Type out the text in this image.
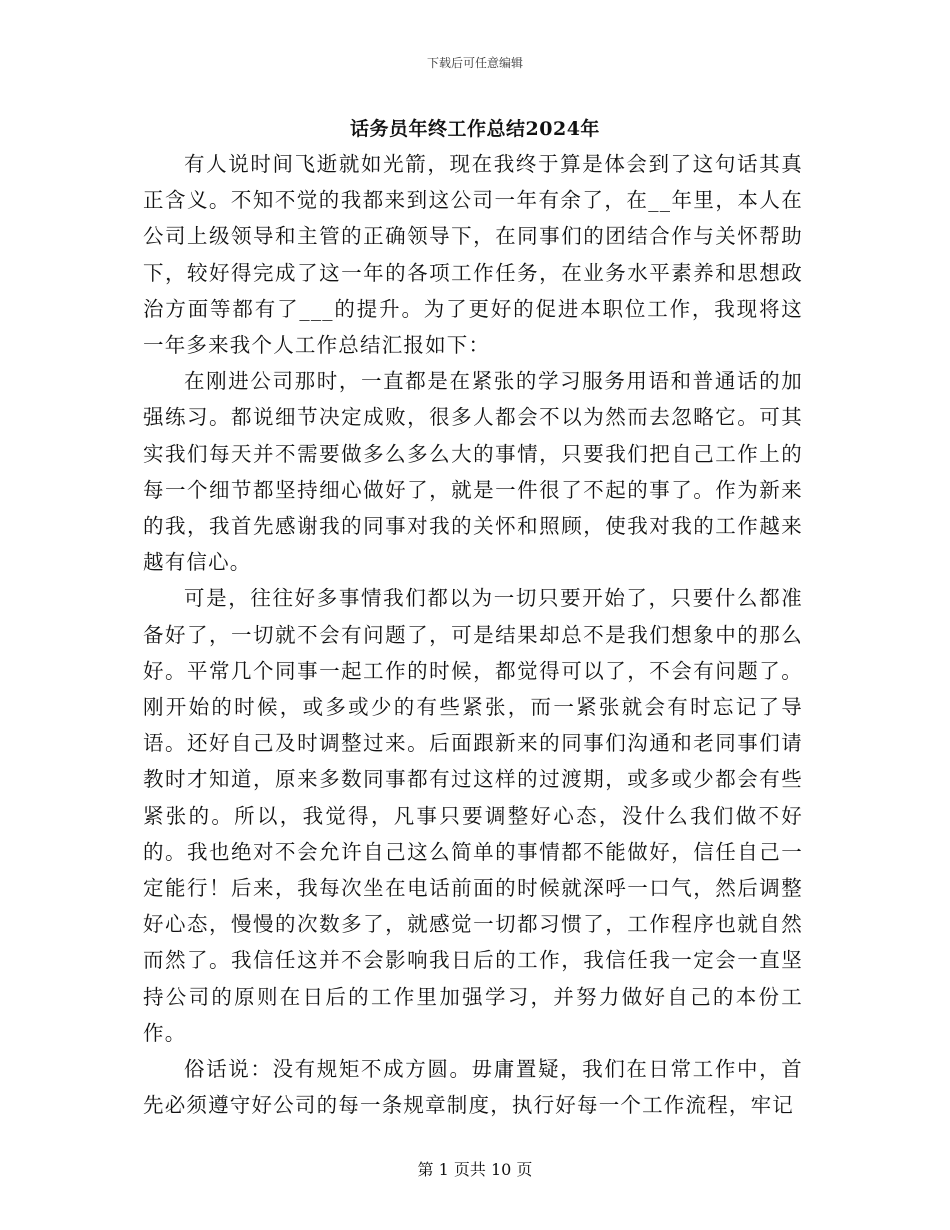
下载后可任意编辑
话务员年终工作总结2024年

有人说时间飞逝就如光箭，现在我终于算是体会到了这句话其真正含义。不知不觉的我都来到这公司一年有余了，在__年里，本人在公司上级领导和主管的正确领导下，在同事们的团结合作与关怀帮助下，较好得完成了这一年的各项工作任务，在业务水平素养和思想政治方面等都有了___的提升。为了更好的促进本职位工作，我现将这一年多来我个人工作总结汇报如下：

在刚进公司那时，一直都是在紧张的学习服务用语和普通话的加强练习。都说细节决定成败，很多人都会不以为然而去忽略它。可其实我们每天并不需要做多么多么大的事情，只要我们把自己工作上的每一个细节都坚持细心做好了，就是一件很了不起的事了。作为新来的我，我首先感谢我的同事对我的关怀和照顾，使我对我的工作越来越有信心。

可是，往往好多事情我们都以为一切只要开始了，只要什么都准备好了，一切就不会有问题了，可是结果却总不是我们想象中的那么好。平常几个同事一起工作的时候，都觉得可以了，不会有问题了。刚开始的时候，或多或少的有些紧张，而一紧张就会有时忘记了导语。还好自己及时调整过来。后面跟新来的同事们沟通和老同事们请教时才知道，原来多数同事都有过这样的过渡期，或多或少都会有些紧张的。所以，我觉得，凡事只要调整好心态，没什么我们做不好的。我也绝对不会允许自己这么简单的事情都不能做好，信任自己一定能行！后来，我每次坐在电话前面的时候就深呼一口气，然后调整好心态，慢慢的次数多了，就感觉一切都习惯了，工作程序也就自然而然了。我信任这并不会影响我日后的工作，我信任我一定会一直坚持公司的原则在日后的工作里加强学习，并努力做好自己的本份工作。

俗话说：没有规矩不成方圆。毋庸置疑，我们在日常工作中，首先必须遵守好公司的每一条规章制度，执行好每一个工作流程，牢记

第 1 页共 10 页
